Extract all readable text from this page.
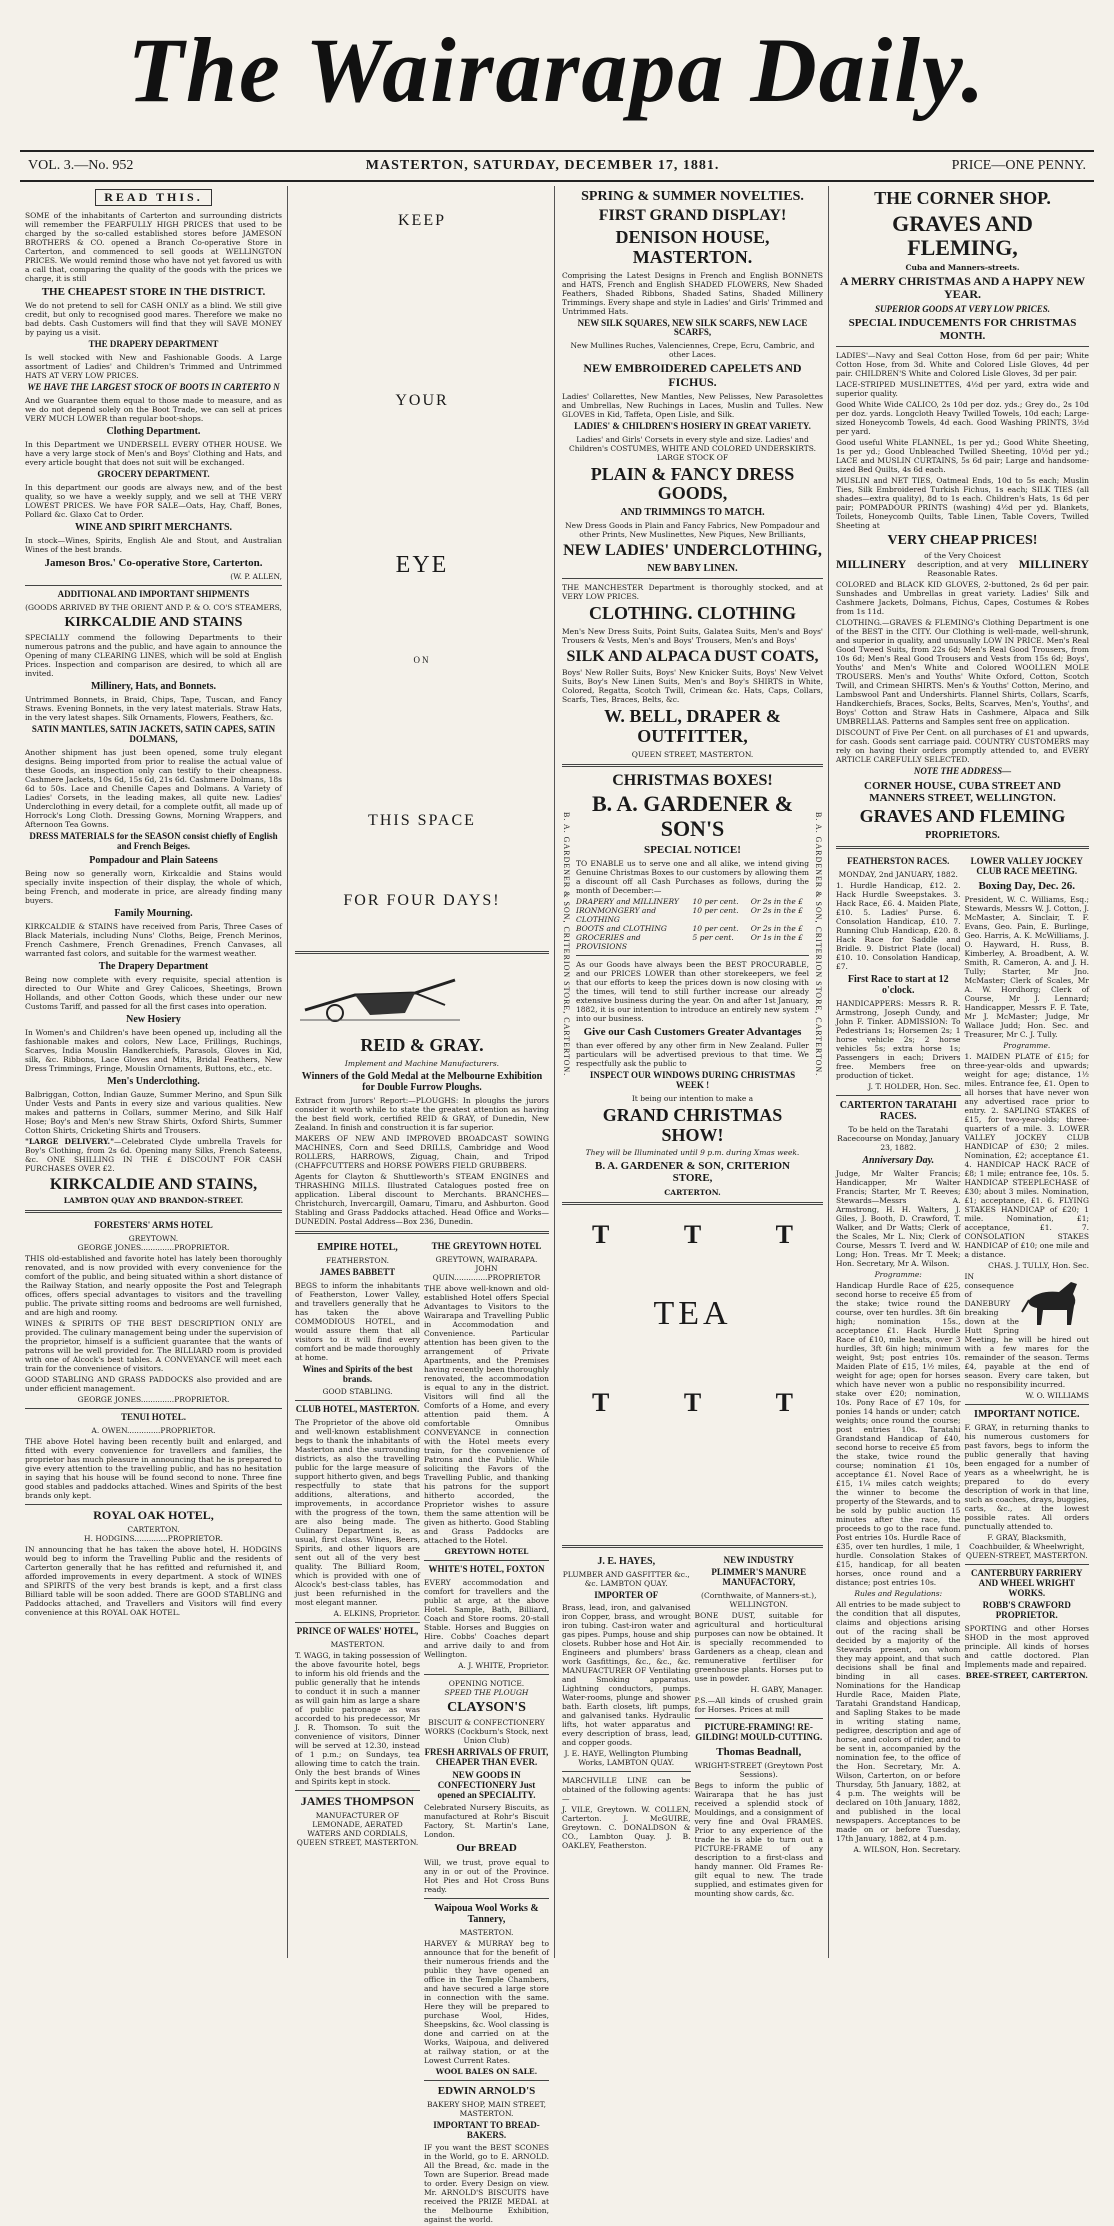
The Wairarapa Daily.
VOL. 3.—No. 952	MASTERTON, SATURDAY, DECEMBER 17, 1881.	PRICE—ONE PENNY.
READ THIS.

SOME of the inhabitants of Carterton and surrounding districts will remember the FEARFULLY HIGH PRICES that used to be charged by the so-called established stores before JAMESON BROTHERS & CO. opened a Branch Co-operative Store in Carterton, and commenced to sell goods at WELLINGTON PRICES. We would remind those who have not yet favored us with a call that, comparing the quality of the goods with the prices we charge, it is still

THE CHEAPEST STORE IN THE DISTRICT.

We do not pretend to sell for CASH ONLY as a blind. We still give credit, but only to recognised good mares. Therefore we make no bad debts. Cash Customers will find that they will SAVE MONEY by paying us a visit.

THE DRAPERY DEPARTMENT

Is well stocked with New and Fashionable Goods. A Large assortment of Ladies' and Children's Trimmed and Untrimmed HATS AT VERY LOW PRICES.

WE HAVE THE LARGEST STOCK OF BOOTS IN CARTERTO N

And we Guarantee them equal to those made to measure, and as we do not depend solely on the Boot Trade, we can sell at prices VERY MUCH LOWER than regular boot-shops.

Clothing Department.

In this Department we UNDERSELL EVERY OTHER HOUSE. We have a very large stock of Men's and Boys' Clothing and Hats, and every article bought that does not suit will be exchanged.

GROCERY DEPARTMENT.

In this department our goods are always new, and of the best quality, so we have a weekly supply, and we sell at THE VERY LOWEST PRICES. We have FOR SALE—Oats, Hay, Chaff, Bones, Pollard &c. Glaxo Cat to Order.

WINE AND SPIRIT MERCHANTS.

In stock—Wines, Spirits, English Ale and Stout, and Australian Wines of the best brands.

Jameson Bros.' Co-operative Store, Carterton.
(W. P. ALLEN,
ADDITIONAL AND IMPORTANT SHIPMENTS
(GOODS ARRIVED BY THE ORIENT AND P. & O. CO'S STEAMERS,
KIRKCALDIE AND STAINS

SPECIALLY commend the following Departments to their numerous patrons and the public, and have again to announce the Opening of many CLEARING LINES, which will be sold at English Prices. Inspection and comparison are desired, to which all are invited.

Millinery, Hats, and Bonnets.

Untrimmed Bonnets, in Braid, Chips, Tape, Tuscan, and Fancy Straws. Evening Bonnets, in the very latest materials. Straw Hats, in the very latest shapes. Silk Ornaments, Flowers, Feathers, &c.

SATIN MANTLES, SATIN JACKETS, SATIN CAPES, SATIN DOLMANS,

Another shipment has just been opened, some truly elegant designs. Being imported from prior to realise the actual value of these Goods, an inspection only can testify to their cheapness. Cashmere Jackets, 10s 6d, 15s 6d, 21s 6d. Cashmere Dolmans, 18s 6d to 50s. Lace and Chenille Capes and Dolmans. A Variety of Ladies' Corsets, in the leading makes, all quite new. Ladies' Underclothing in every detail, for a complete outfit, all made up of Horrock's Long Cloth. Dressing Gowns, Morning Wrappers, and Afternoon Tea Gowns.

DRESS MATERIALS for the SEASON consist chiefly of English and French Beiges.
Pompadour and Plain Sateens

Being now so generally worn, Kirkcaldie and Stains would specially invite inspection of their display, the whole of which, being French, and moderate in price, are already finding many buyers.

Family Mourning.

KIRKCALDIE & STAINS have received from Paris, Three Cases of Black Materials, including Nuns' Cloths, Beige, French Merinos, French Cashmere, French Grenadines, French Canvases, all warranted fast colors, and suitable for the warmest weather.

The Drapery Department

Being now complete with every requisite, special attention is directed to Our White and Grey Calicoes, Sheetings, Brown Hollands, and other Cotton Goods, which these under our new Customs Tariff, and passed for all the first cases into operation.

New Hosiery

In Women's and Children's have been opened up, including all the fashionable makes and colors, New Lace, Frillings, Ruchings, Scarves, India Mouslin Handkerchiefs, Parasols, Gloves in Kid, silk, &c. Ribbons, Lace Gloves and Mits, Bridal Feathers, New Dress Trimmings, Fringe, Mouslin Ornaments, Buttons, etc., etc.

Men's Underclothing.

Balbriggan, Cotton, Indian Gauze, Summer Merino, and Spun Silk Under Vests and Pants in every size and various qualities. New makes and patterns in Collars, summer Merino, and Silk Half Hose; Boy's and Men's new Straw Shirts, Oxford Shirts, Summer Cotton Shirts, Cricketing Shirts and Trousers.

"LARGE DELIVERY."—Celebrated Clyde umbrella Travels for Boy's Clothing, from 2s 6d. Opening many Silks, French Sateens, &c. ONE SHILLING IN THE £ DISCOUNT FOR CASH PURCHASES OVER £2.

KIRKCALDIE AND STAINS,
LAMBTON QUAY AND BRANDON-STREET.
FORESTERS' ARMS HOTEL
GREYTOWN.
GEORGE JONES..............PROPRIETOR.

THIS old-established and favorite hotel has lately been thoroughly renovated, and is now provided with every convenience for the comfort of the public, and being situated within a short distance of the Railway Station, and nearly opposite the Post and Telegraph offices, offers special advantages to visitors and the travelling public. The private sitting rooms and bedrooms are well furnished, and are high and roomy.

WINES & SPIRITS OF THE BEST DESCRIPTION ONLY are provided. The culinary management being under the supervision of the proprietor, himself is a sufficient guarantee that the wants of patrons will be well provided for. The BILLIARD room is provided with one of Alcock's best tables. A CONVEYANCE will meet each train for the convenience of visitors.

GOOD STABLING AND GRASS PADDOCKS also provided and are under efficient management.

GEORGE JONES..............PROPRIETOR.
TENUI HOTEL.
A. OWEN..............PROPRIETOR.

THE above Hotel having been recently built and enlarged, and fitted with every convenience for travellers and families, the proprietor has much pleasure in announcing that he is prepared to give every attention to the travelling public, and has no hesitation in saying that his house will be found second to none. Three fine good stables and paddocks attached. Wines and Spirits of the best brands only kept.

ROYAL OAK HOTEL,
CARTERTON.
H. HODGINS..............PROPRIETOR.

IN announcing that he has taken the above hotel, H. HODGINS would beg to inform the Travelling Public and the residents of Carterton generally that he has refitted and refurnished it, and afforded improvements in every department. A stock of WINES and SPIRITS of the very best brands is kept, and a first class Billiard table will be soon added. There are GOOD STABLING and Paddocks attached, and Travellers and Visitors will find every convenience at this ROYAL OAK HOTEL.

KEEP
YOUR
EYE
ON
THIS SPACE
FOR FOUR DAYS!
REID & GRAY.
Implement and Machine Manufacturers.
Winners of the Gold Medal at the Melbourne Exhibition for Double Furrow Ploughs.

Extract from Jurors' Report:—PLOUGHS: In ploughs the jurors consider it worth while to state the greatest attention as having the best field work, certified REID & GRAY, of Dunedin, New Zealand. In finish and construction it is far superior.

MAKERS OF NEW AND IMPROVED BROADCAST SOWING MACHINES, Corn and Seed DRILLS, Cambridge and Wood ROLLERS, HARROWS, Ziguag, Chain, and Tripod (CHAFFCUTTERS and HORSE POWERS FIELD GRUBBERS.

Agents for Clayton & Shuttleworth's STEAM ENGINES and THRASHING MILLS. Illustrated Catalogues posted free on application. Liberal discount to Merchants. BRANCHES—Christchurch, Invercargill, Oamaru, Timaru, and Ashburton. Good Stabling and Grass Paddocks attached. Head Office and Works—DUNEDIN. Postal Address—Box 236, Dunedin.

EMPIRE HOTEL,
FEATHERSTON.
JAMES BABBETT

BEGS to inform the inhabitants of Featherston, Lower Valley, and travellers generally that he has taken the above COMMODIOUS HOTEL, and would assure them that all visitors to it will find every comfort and be made thoroughly at home.

Wines and Spirits of the best brands.
GOOD STABLING.
CLUB HOTEL, MASTERTON.

The Proprietor of the above old and well-known establishment begs to thank the inhabitants of Masterton and the surrounding districts, as also the travelling public for the large measure of support hitherto given, and begs respectfully to state that additions, alterations, and improvements, in accordance with the progress of the town, are also being made. The Culinary Department is, as usual, first class. Wines, Beers, Spirits, and other liquors are sent out all of the very best quality. The Billiard Room, which is provided with one of Alcock's best-class tables, has just been refurnished in the most elegant manner.

A. ELKINS, Proprietor.
PRINCE OF WALES' HOTEL,
MASTERTON.

T. WAGG, in taking possession of the above favourite hotel, begs to inform his old friends and the public generally that he intends to conduct it in such a manner as will gain him as large a share of public patronage as was accorded to his predecessor, Mr J. R. Thomson. To suit the convenience of visitors, Dinner will be served at 12.30, instead of 1 p.m.; on Sundays, tea allowing time to catch the train. Only the best brands of Wines and Spirits kept in stock.

JAMES THOMPSON
MANUFACTURER OF LEMONADE, AERATED WATERS AND CORDIALS,
QUEEN STREET, MASTERTON.
THE GREYTOWN HOTEL
GREYTOWN, WAIRARAPA.
JOHN QUIN..............PROPRIETOR

THE above well-known and old-established Hotel offers Special Advantages to Visitors to the Wairarapa and Travelling Public in Accommodation and Convenience. Particular attention has been given to the arrangement of Private Apartments, and the Premises having recently been thoroughly renovated, the accommodation is equal to any in the district. Visitors will find all the Comforts of a Home, and every attention paid them. A comfortable Omnibus CONVEYANCE in connection with the Hotel meets every train, for the convenience of Patrons and the Public. While soliciting the Favors of the Travelling Public, and thanking his patrons for the support hitherto accorded, the Proprietor wishes to assure them the same attention will be given as hitherto. Good Stabling and Grass Paddocks are attached to the Hotel.

GREYTOWN HOTEL
WHITE'S HOTEL, FOXTON

EVERY accommodation and comfort for travellers and the public at arge, at the above Hotel. Sample, Bath, Billiard, Coach and Store rooms. 20-stall Stable. Horses and Buggies on Hire. Cobbs' Coaches depart and arrive daily to and from Wellington.

A. J. WHITE, Proprietor.
OPENING NOTICE.
SPEED THE PLOUGH
CLAYSON'S
BISCUIT & CONFECTIONERY WORKS (Cockburn's Stock, next Union Club)
FRESH ARRIVALS OF FRUIT, CHEAPER THAN EVER.
NEW GOODS IN CONFECTIONERY Just opened an SPECIALITY.

Celebrated Nursery Biscuits, as manufactured at Rohr's Biscuit Factory, St. Martin's Lane, London.

Our BREAD

Will, we trust, prove equal to any in or out of the Province. Hot Pies and Hot Cross Buns ready.

Waipoua Wool Works & Tannery,
MASTERTON.

HARVEY & MURRAY beg to announce that for the benefit of their numerous friends and the public they have opened an office in the Temple Chambers, and have secured a large store in connection with the same. Here they will be prepared to purchase Wool, Hides, Sheepskins, &c. Wool classing is done and carried on at the Works, Waipoua, and delivered at railway station, or at the Lowest Current Rates.

WOOL BALES ON SALE.
EDWIN ARNOLD'S
BAKERY SHOP, MAIN STREET, MASTERTON.
IMPORTANT TO BREAD-BAKERS.

IF you want the BEST SCONES in the World, go to E. ARNOLD. All the Bread, &c. made in the Town are Superior. Bread made to order. Every Design on view. Mr. ARNOLD'S BISCUITS have received the PRIZE MEDAL at the Melbourne Exhibition, against the world.

SPRING & SUMMER NOVELTIES.
FIRST GRAND DISPLAY!
DENISON HOUSE, MASTERTON.

Comprising the Latest Designs in French and English BONNETS and HATS, French and English SHADED FLOWERS, New Shaded Feathers, Shaded Ribbons, Shaded Satins, Shaded Millinery Trimmings. Every shape and style in Ladies' and Girls' Trimmed and Untrimmed Hats.

NEW SILK SQUARES, NEW SILK SCARFS, NEW LACE SCARFS,
New Mullines Ruches, Valenciennes, Crepe, Ecru, Cambric, and other Laces.
NEW EMBROIDERED CAPELETS AND FICHUS.

Ladies' Collarettes, New Mantles, New Pelisses, New Parasolettes and Umbrellas, New Ruchings in Laces, Muslin and Tulles. New GLOVES in Kid, Taffeta, Open Lisle, and Silk.

LADIES' & CHILDREN'S HOSIERY IN GREAT VARIETY.
Ladies' and Girls' Corsets in every style and size. Ladies' and Children's COSTUMES, WHITE AND COLORED UNDERSKIRTS.
LARGE STOCK OF
PLAIN & FANCY DRESS GOODS,
AND TRIMMINGS TO MATCH.
New Dress Goods in Plain and Fancy Fabrics, New Pompadour and other Prints, New Muslinettes, New Piques, New Brilliants,
NEW LADIES' UNDERCLOTHING,
NEW BABY LINEN.

THE MANCHESTER Department is thoroughly stocked, and at VERY LOW PRICES.

CLOTHING. CLOTHING

Men's New Dress Suits, Point Suits, Galatea Suits, Men's and Boys' Trousers & Vests, Men's and Boys' Trousers, Men's and Boys'

SILK AND ALPACA DUST COATS,

Boys' New Roller Suits, Boys' New Knicker Suits, Boys' New Velvet Suits, Boy's New Linen Suits, Men's and Boy's SHIRTS in White, Colored, Regatta, Scotch Twill, Crimean &c. Hats, Caps, Collars, Scarfs, Ties, Braces, Belts, &c.

W. BELL, DRAPER & OUTFITTER,
QUEEN STREET, MASTERTON.
B. A. GARDENER & SON, CRITERION STORE, CARTERTON.	B. A. GARDENER & SON, CRITERION STORE, CARTERTON.
CHRISTMAS BOXES!
B. A. GARDENER & SON'S
SPECIAL NOTICE!

TO ENABLE us to serve one and all alike, we intend giving Genuine Christmas Boxes to our customers by allowing them a discount off all Cash Purchases as follows, during the month of December:—

DRAPERY and MILLINERY	10 per cent.	Or 2s in the £
IRONMONGERY and CLOTHING
10 per cent.	Or 2s in the £
BOOTS and CLOTHING	10 per cent.	Or 2s in the £
GROCERIES and PROVISIONS
5 per cent.	Or 1s in the £

As our Goods have always been the BEST PROCURABLE, and our PRICES LOWER than other storekeepers, we feel that our efforts to keep the prices down is now closing with the times, will tend to still further increase our already extensive business during the year. On and after 1st January, 1882, it is our intention to introduce an entirely new system into our business.

Give our Cash Customers Greater Advantages

than ever offered by any other firm in New Zealand. Fuller particulars will be advertised previous to that time. We respectfully ask the public to

INSPECT OUR WINDOWS DURING CHRISTMAS WEEK !
It being our intention to make a
GRAND CHRISTMAS SHOW!
They will be Illuminated until 9 p.m. during Xmas week.
B. A. GARDENER & SON, CRITERION STORE,
CARTERTON.
T	T	T
TEA
T	T	T
J. E. HAYES,
PLUMBER AND GASFITTER &c., &c. LAMBTON QUAY.
IMPORTER OF

Brass, lead, iron, and galvanised iron Copper, brass, and wrought iron tubing. Cast-iron water and gas pipes. Pumps, house and ship closets. Rubber hose and Hot Air. Engineers and plumbers' brass work Gasfittings, &c., &c., &c. MANUFACTURER OF Ventilating and Smoking apparatus. Lightning conductors, pumps. Water-rooms, plunge and shower bath. Earth closets, lift pumps, and galvanised tanks. Hydraulic lifts, hot water apparatus and every description of brass, lead, and copper goods.

J. E. HAYE, Wellington Plumbing Works, LAMBTON QUAY.

MARCHVILLE LINE can be obtained of the following agents:—

J. VILE, Greytown. W. COLLEN, Carterton. J. McGUIRE, Greytown. C. DONALDSON & CO., Lambton Quay. J. B. OAKLEY, Featherston.

NEW INDUSTRY
PLIMMER'S MANURE MANUFACTORY,
(Cornthwaite, of Manners-st.), WELLINGTON.

BONE DUST, suitable for agricultural and horticultural purposes can now be obtained. It is specially recommended to Gardeners as a cheap, clean and remunerative fertiliser for greenhouse plants. Horses put to use in powder.

H. GABY, Manager.

P.S.—All kinds of crushed grain for Horses. Prices at mill

PICTURE-FRAMING! RE-GILDING! MOULD-CUTTING.
Thomas Beadnall,
WRIGHT-STREET (Greytown Post Sessions).

Begs to inform the public of Wairarapa that he has just received a splendid stock of Mouldings, and a consignment of very fine and Oval FRAMES. Prior to any experience of the trade he is able to turn out a PICTURE-FRAME of any description to a first-class and handy manner. Old Frames Re-gilt equal to new. The trade supplied, and estimates given for mounting show cards, &c.

THE CORNER SHOP.
GRAVES AND FLEMING,
Cuba and Manners-streets.
A MERRY CHRISTMAS AND A HAPPY NEW YEAR.
SUPERIOR GOODS AT VERY LOW PRICES.
SPECIAL INDUCEMENTS FOR CHRISTMAS MONTH.

LADIES'—Navy and Seal Cotton Hose, from 6d per pair; White Cotton Hose, from 3d. White and Colored Lisle Gloves, 4d per pair. CHILDREN'S White and Colored Lisle Gloves, 3d per pair.

LACE-STRIPED MUSLINETTES, 4½d per yard, extra wide and superior quality.

Good White Wide CALICO, 2s 10d per doz. yds.; Grey do., 2s 10d per doz. yards. Longcloth Heavy Twilled Towels, 10d each; Large-sized Honeycomb Towels, 4d each. Good Washing PRINTS, 3½d per yard.

Good useful White FLANNEL, 1s per yd.; Good White Sheeting, 1s per yd.; Good Unbleached Twilled Sheeting, 10½d per yd.; LACE and MUSLIN CURTAINS, 5s 6d pair; Large and handsome-sized Bed Quilts, 4s 6d each.

MUSLIN and NET TIES, Oatmeal Ends, 10d to 5s each; Muslin Ties, Silk Embroidered Turkish Fichus, 1s each; SILK TIES (all shades—extra quality), 8d to 1s each. Children's Hats, 1s 6d per pair; POMPADOUR PRINTS (washing) 4½d per yd. Blankets, Toilets, Honeycomb Quilts, Table Linen, Table Covers, Twilled Sheeting at

VERY CHEAP PRICES!
MILLINERY
of the Very Choicest description, and at very Reasonable Rates.
MILLINERY

COLORED and BLACK KID GLOVES, 2-buttoned, 2s 6d per pair. Sunshades and Umbrellas in great variety. Ladies' Silk and Cashmere Jackets, Dolmans, Fichus, Capes, Costumes & Robes from 1s 11d.

CLOTHING.—GRAVES & FLEMING's Clothing Department is one of the BEST in the CITY. Our Clothing is well-made, well-shrunk, and superior in quality, and unusually LOW IN PRICE. Men's Real Good Tweed Suits, from 22s 6d; Men's Real Good Trousers, from 10s 6d; Men's Real Good Trousers and Vests from 15s 6d; Boys', Youths' and Men's White and Colored WOOLLEN MOLE TROUSERS. Men's and Youths' White Oxford, Cotton, Scotch Twill, and Crimean SHIRTS. Men's & Youths' Cotton, Merino, and Lambswool Pant and Undershirts. Flannel Shirts, Collars, Scarfs, Handkerchiefs, Braces, Socks, Belts, Scarves, Men's, Youths', and Boys' Cotton and Straw Hats in Cashmere, Alpaca and Silk UMBRELLAS. Patterns and Samples sent free on application.

DISCOUNT of Five Per Cent. on all purchases of £1 and upwards, for cash. Goods sent carriage paid. COUNTRY CUSTOMERS may rely on having their orders promptly attended to, and EVERY ARTICLE CAREFULLY SELECTED.

NOTE THE ADDRESS—
CORNER HOUSE, CUBA STREET AND MANNERS STREET, WELLINGTON.
GRAVES AND FLEMING
PROPRIETORS.
FEATHERSTON RACES.
MONDAY, 2nd JANUARY, 1882.

1. Hurdle Handicap, £12. 2. Hack Hurdle Sweepstakes. 3. Hack Race, £6. 4. Maiden Plate, £10. 5. Ladies' Purse. 6. Consolation Handicap, £10. 7. Running Club Handicap, £20. 8. Hack Race for Saddle and Bridle. 9. District Plate (local) £10. 10. Consolation Handicap, £7.

First Race to start at 12 o'clock.

HANDICAPPERS: Messrs R. R. Armstrong, Joseph Cundy, and John F. Tinker. ADMISSION: To Pedestrians 1s; Horsemen 2s; 1 horse vehicle 2s; 2 horse vehicles 5s; extra horse 1s; Passengers in each; Drivers free. Members free on production of ticket.

J. T. HOLDER, Hon. Sec.
CARTERTON TARATAHI RACES.
To be held on the Taratahi Racecourse on Monday, January 23, 1882.
Anniversary Day.

Judge, Mr Walter Francis; Handicapper, Mr Walter Francis; Starter, Mr T. Reeves; Stewards—Messrs A. Armstrong, H. H. Walters, J. Giles, J. Booth, D. Crawford, T. Walker, and Dr Watts; Clerk of the Scales, Mr L. Nix; Clerk of Course, Messrs T. Iverd and W. Long; Hon. Treas. Mr T. Meek; Hon. Secretary, Mr A. Wilson.

Programme:

Handicap Hurdle Race of £25, second horse to receive £5 from the stake; twice round the course, over ten hurdles. 3ft 6in high; nomination 15s., acceptance £1. Hack Hurdle Race of £10, mile heats, over 3 hurdles, 3ft 6in high; minimum weight, 9st; post entries 10s. Maiden Plate of £15, 1½ miles, weight for age; open for horses which have never won a public stake over £20; nomination, 10s. Pony Race of £7 10s, for ponies 14 hands or under; catch weights; once round the course; post entries 10s. Taratahi Grandstand Handicap of £40, second horse to receive £5 from the stake, twice round the course; nomination £1 10s, acceptance £1. Novel Race of £15, 1¼ miles catch weights; the winner to become the property of the Stewards, and to be sold by public auction 15 minutes after the race, the proceeds to go to the race fund. Post entries 10s. Hurdle Race of £35, over ten hurdles, 1 mile, 1 hurdle. Consolation Stakes of £15, handicap, for all beaten horses, once round and a distance; post entries 10s.

Rules and Regulations:

All entries to be made subject to the condition that all disputes, claims and objections arising out of the racing shall be decided by a majority of the Stewards present, on whom they may appoint, and that such decisions shall be final and binding in all cases. Nominations for the Handicap Hurdle Race, Maiden Plate, Taratahi Grandstand Handicap, and Sapling Stakes to be made in writing stating name, pedigree, description and age of horse, and colors of rider, and to be sent in, accompanied by the nomination fee, to the office of the Hon. Secretary, Mr. A. Wilson, Carterton, on or before Thursday, 5th January, 1882, at 4 p.m. The weights will be declared on 10th January, 1882, and published in the local newspapers. Acceptances to be made on or before Tuesday, 17th January, 1882, at 4 p.m.

A. WILSON, Hon. Secretary.
LOWER VALLEY JOCKEY CLUB RACE MEETING.
Boxing Day, Dec. 26.

President, W. C. Williams, Esq.; Stewards, Messrs W. J. Cotton, J. McMaster, A. Sinclair, T. F. Evans, Geo. Pain, E. Burlinge, Geo. Harris, A. K. McWilliams, J. O. Hayward, H. Russ, B. Kimberley, A. Broadbent, A. W. Smith, R. Cameron, A. and J. H. Tully; Starter, Mr Jno. McMaster; Clerk of Scales, Mr A. W. Hordhorg; Clerk of Course, Mr J. Lennard; Handicapper, Messrs F. F. Tate, Mr J. McMaster; Judge, Mr Wallace Judd; Hon. Sec. and Treasurer, Mr C. J. Tully.

Programme.

1. MAIDEN PLATE of £15; for three-year-olds and upwards; weight for age; distance, 1½ miles. Entrance fee, £1. Open to all horses that have never won any advertised race prior to entry. 2. SAPLING STAKES of £15, for two-year-olds; three-quarters of a mile. 3. LOWER VALLEY JOCKEY CLUB HANDICAP of £30; 2 miles. Nomination, £2; acceptance £1. 4. HANDICAP HACK RACE of £8; 1 mile; entrance fee, 10s. 5. HANDICAP STEEPLECHASE of £30; about 3 miles. Nomination, £1; acceptance, £1. 6. FLYING STAKES HANDICAP of £20; 1 mile. Nomination, £1; acceptance, £1. 7. CONSOLATION STAKES HANDICAP of £10; one mile and a distance.

CHAS. J. TULLY, Hon. Sec.

IN consequence of DANEBURY breaking down at the Hutt Spring Meeting, he will be hired out with a few mares for the remainder of the season. Terms £4, payable at the end of season. Every care taken, but no responsibility incurred.

W. O. WILLIAMS
IMPORTANT NOTICE.

F. GRAY, in returning thanks to his numerous customers for past favors, begs to inform the public generally that having been engaged for a number of years as a wheelwright, he is prepared to do every description of work in that line, such as coaches, drays, buggies, carts, &c., at the lowest possible rates. All orders punctually attended to.

F. GRAY, Blacksmith, Coachbuilder, & Wheelwright, QUEEN-STREET, MASTERTON.
CANTERBURY FARRIERY AND WHEEL WRIGHT WORKS.
ROBB'S CRAWFORD PROPRIETOR.

SPORTING and other Horses SHOD in the most approved principle. All kinds of horses and cattle doctored. Plan Implements made and repaired.

BREE-STREET, CARTERTON.
